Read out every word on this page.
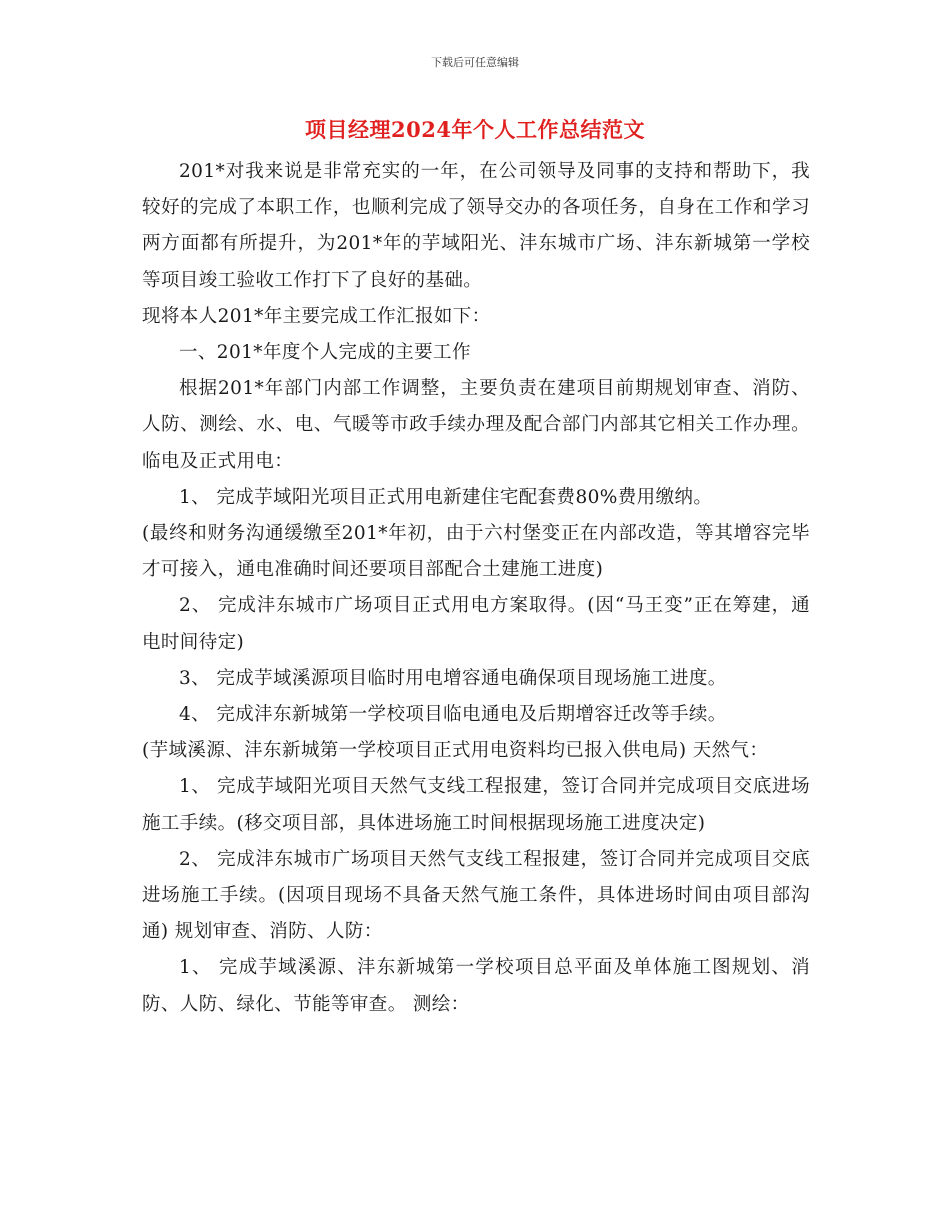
下载后可任意编辑
项目经理2024年个人工作总结范文

201*对我来说是非常充实的一年，在公司领导及同事的支持和帮助下，我较好的完成了本职工作，也顺利完成了领导交办的各项任务，自身在工作和学习两方面都有所提升，为201*年的芋域阳光、沣东城市广场、沣东新城第一学校等项目竣工验收工作打下了良好的基础。

现将本人201*年主要完成工作汇报如下：

一、201*年度个人完成的主要工作

根据201*年部门内部工作调整，主要负责在建项目前期规划审查、消防、人防、测绘、水、电、气暖等市政手续办理及配合部门内部其它相关工作办理。 临电及正式用电：

1、 完成芋域阳光项目正式用电新建住宅配套费80%费用缴纳。

(最终和财务沟通缓缴至201*年初，由于六村堡变正在内部改造，等其增容完毕才可接入，通电准确时间还要项目部配合土建施工进度)

2、 完成沣东城市广场项目正式用电方案取得。(因“马王变”正在筹建，通电时间待定)

3、 完成芋域溪源项目临时用电增容通电确保项目现场施工进度。

4、 完成沣东新城第一学校项目临电通电及后期增容迁改等手续。

(芋域溪源、沣东新城第一学校项目正式用电资料均已报入供电局) 天然气：

1、 完成芋域阳光项目天然气支线工程报建，签订合同并完成项目交底进场施工手续。(移交项目部，具体进场施工时间根据现场施工进度决定)

2、 完成沣东城市广场项目天然气支线工程报建，签订合同并完成项目交底进场施工手续。(因项目现场不具备天然气施工条件，具体进场时间由项目部沟通) 规划审查、消防、人防：

1、 完成芋域溪源、沣东新城第一学校项目总平面及单体施工图规划、消防、人防、绿化、节能等审查。 测绘：
